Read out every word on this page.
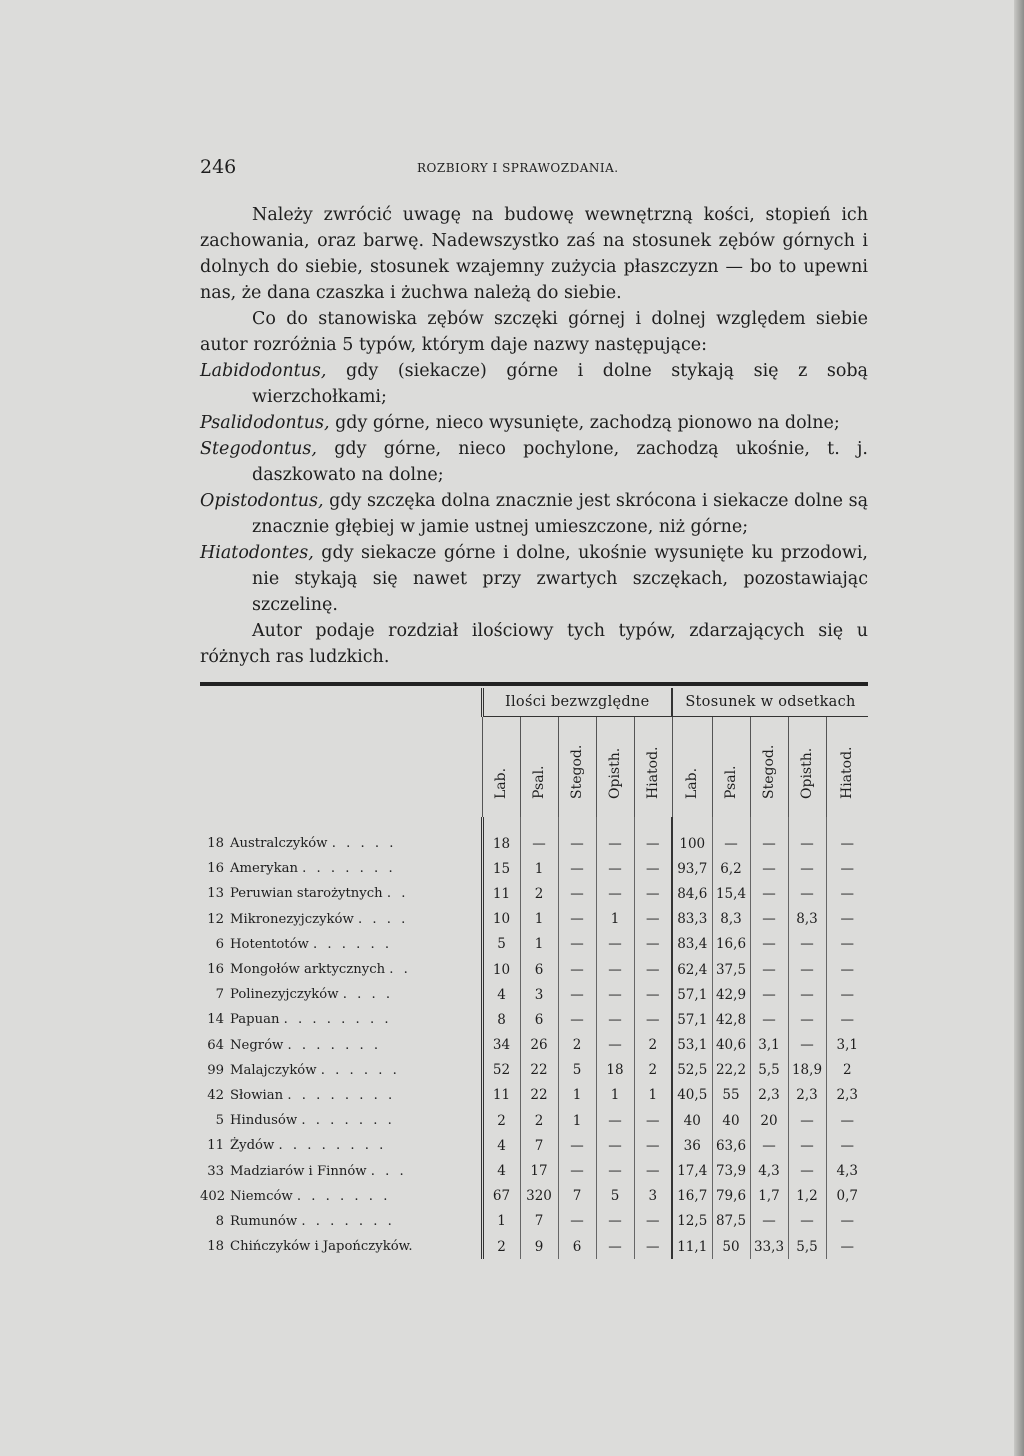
246	ROZBIORY I SPRAWOZDANIA.

Należy zwrócić uwagę na budowę wewnętrzną kości, stopień ich zachowania, oraz barwę. Nadewszystko zaś na stosunek zębów górnych i dolnych do siebie, stosunek wzajemny zużycia płaszczyzn — bo to upewni nas, że dana czaszka i żuchwa należą do siebie.

Co do stanowiska zębów szczęki górnej i dolnej względem siebie autor rozróżnia 5 typów, którym daje nazwy następujące:

Labidodontus, gdy (siekacze) górne i dolne stykają się z sobą wierzchołkami;

Psalidodontus, gdy górne, nieco wysunięte, zachodzą pionowo na dolne;

Stegodontus, gdy górne, nieco pochylone, zachodzą ukośnie, t. j. daszkowato na dolne;

Opistodontus, gdy szczęka dolna znacznie jest skrócona i siekacze dolne są znacznie głębiej w jamie ustnej umieszczone, niż górne;

Hiatodontes, gdy siekacze górne i dolne, ukośnie wysunięte ku przodowi, nie stykają się nawet przy zwartych szczękach, pozostawiając szczelinę.

Autor podaje rozdział ilościowy tych typów, zdarzających się u różnych ras ludzkich.

	Ilości bezwzględne					Stosunek w odsetkach				

	Lab.	Psal.	Stegod.	Opisth.	Hiatod.	Lab.	Psal.	Stegod.	Opisth.	Hiatod.

18 Australczyków . . . . .	18	—	—	—	—	100	—	—	—	—
16 Amerykan . . . . . . .	15	1	—	—	—	93,7	6,2	—	—	—
13 Peruwian starożytnych . .	11	2	—	—	—	84,6	15,4	—	—	—
12 Mikronezyjczyków . . . .	10	1	—	1	—	83,3	8,3	—	8,3	—
6 Hotentotów . . . . . .	5	1	—	—	—	83,4	16,6	—	—	—
16 Mongołów arktycznych . .	10	6	—	—	—	62,4	37,5	—	—	—
7 Polinezyjczyków . . . .	4	3	—	—	—	57,1	42,9	—	—	—
14 Papuan . . . . . . . .	8	6	—	—	—	57,1	42,8	—	—	—
64 Negrów . . . . . . .	34	26	2	—	2	53,1	40,6	3,1	—	3,1
99 Malajczyków . . . . . .	52	22	5	18	2	52,5	22,2	5,5	18,9	2
42 Słowian . . . . . . . .	11	22	1	1	1	40,5	55	2,3	2,3	2,3
5 Hindusów . . . . . . .	2	2	1	—	—	40	40	20	—	—
11 Żydów . . . . . . . .	4	7	—	—	—	36	63,6	—	—	—
33 Madziarów i Finnów . . .	4	17	—	—	—	17,4	73,9	4,3	—	4,3
402 Niemców . . . . . . .	67	320	7	5	3	16,7	79,6	1,7	1,2	0,7
8 Rumunów . . . . . . .	1	7	—	—	—	12,5	87,5	—	—	—
18 Chińczyków i Japończyków.	2	9	6	—	—	11,1	50	33,3	5,5	—
